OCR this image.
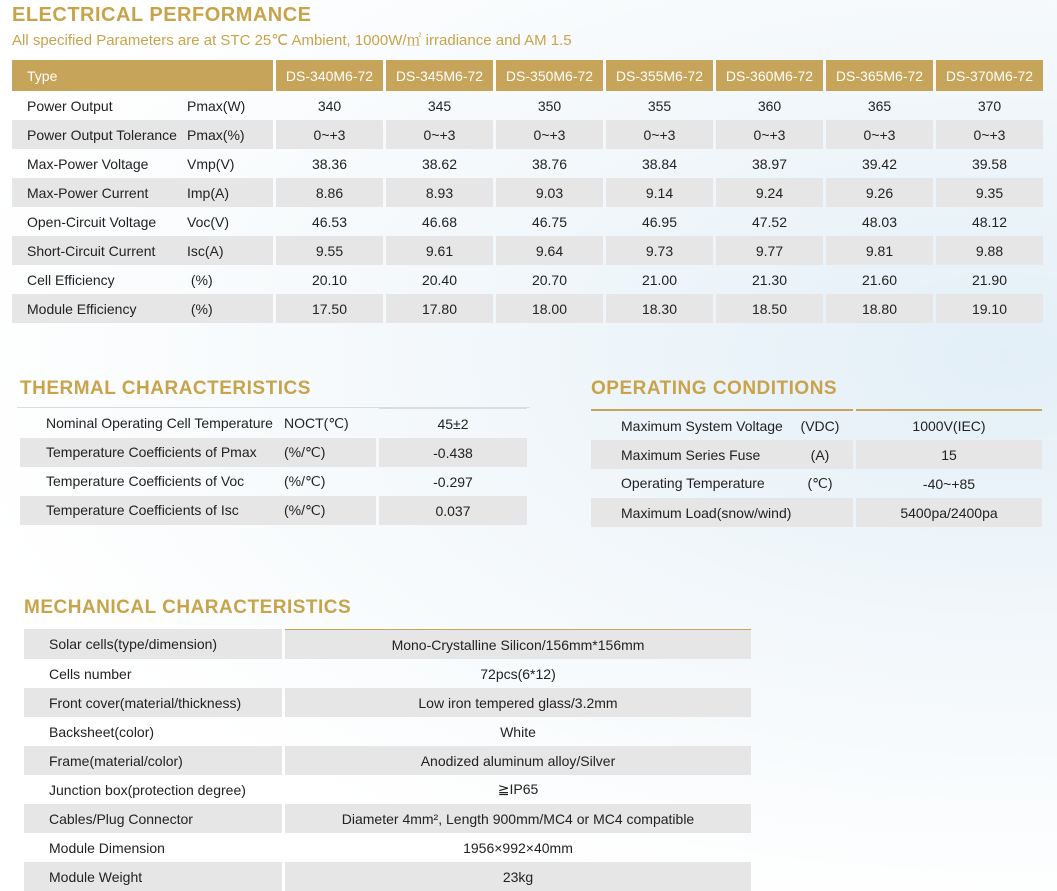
ELECTRICAL PERFORMANCE
All specified Parameters are at STC 25℃ Ambient, 1000W/㎡ irradiance and AM 1.5
Type	DS-340M6-72	DS-345M6-72	DS-350M6-72	DS-355M6-72	DS-360M6-72	DS-365M6-72	DS-370M6-72
Power Output Pmax(W)	340	345	350	355	360	365	370
Power Output Tolerance Pmax(%)	0~+3	0~+3	0~+3	0~+3	0~+3	0~+3	0~+3
Max-Power Voltage Vmp(V)	38.36	38.62	38.76	38.84	38.97	39.42	39.58
Max-Power Current Imp(A)	8.86	8.93	9.03	9.14	9.24	9.26	9.35
Open-Circuit Voltage Voc(V)	46.53	46.68	46.75	46.95	47.52	48.03	48.12
Short-Circuit Current Isc(A)	9.55	9.61	9.64	9.73	9.77	9.81	9.88
Cell Efficiency (%)	20.10	20.40	20.70	21.00	21.30	21.60	21.90
Module Efficiency (%)	17.50	17.80	18.00	18.30	18.50	18.80	19.10
THERMAL CHARACTERISTICS
Nominal Operating Cell Temperature NOCT(℃)	45±2
Temperature Coefficients of Pmax (%/℃)	-0.438
Temperature Coefficients of Voc (%/℃)	-0.297
Temperature Coefficients of Isc (%/℃)	0.037
OPERATING CONDITIONS
Maximum System Voltage (VDC)	1000V(IEC)
Maximum Series Fuse (A)	15
Operating Temperature (℃)	-40~+85
Maximum Load(snow/wind)	5400pa/2400pa
MECHANICAL CHARACTERISTICS
Solar cells(type/dimension)	Mono-Crystalline Silicon/156mm*156mm
Cells number	72pcs(6*12)
Front cover(material/thickness)	Low iron tempered glass/3.2mm
Backsheet(color)	White
Frame(material/color)	Anodized aluminum alloy/Silver
Junction box(protection degree)	≧IP65
Cables/Plug Connector	Diameter 4mm², Length 900mm/MC4 or MC4 compatible
Module Dimension	1956×992×40mm
Module Weight	23kg
